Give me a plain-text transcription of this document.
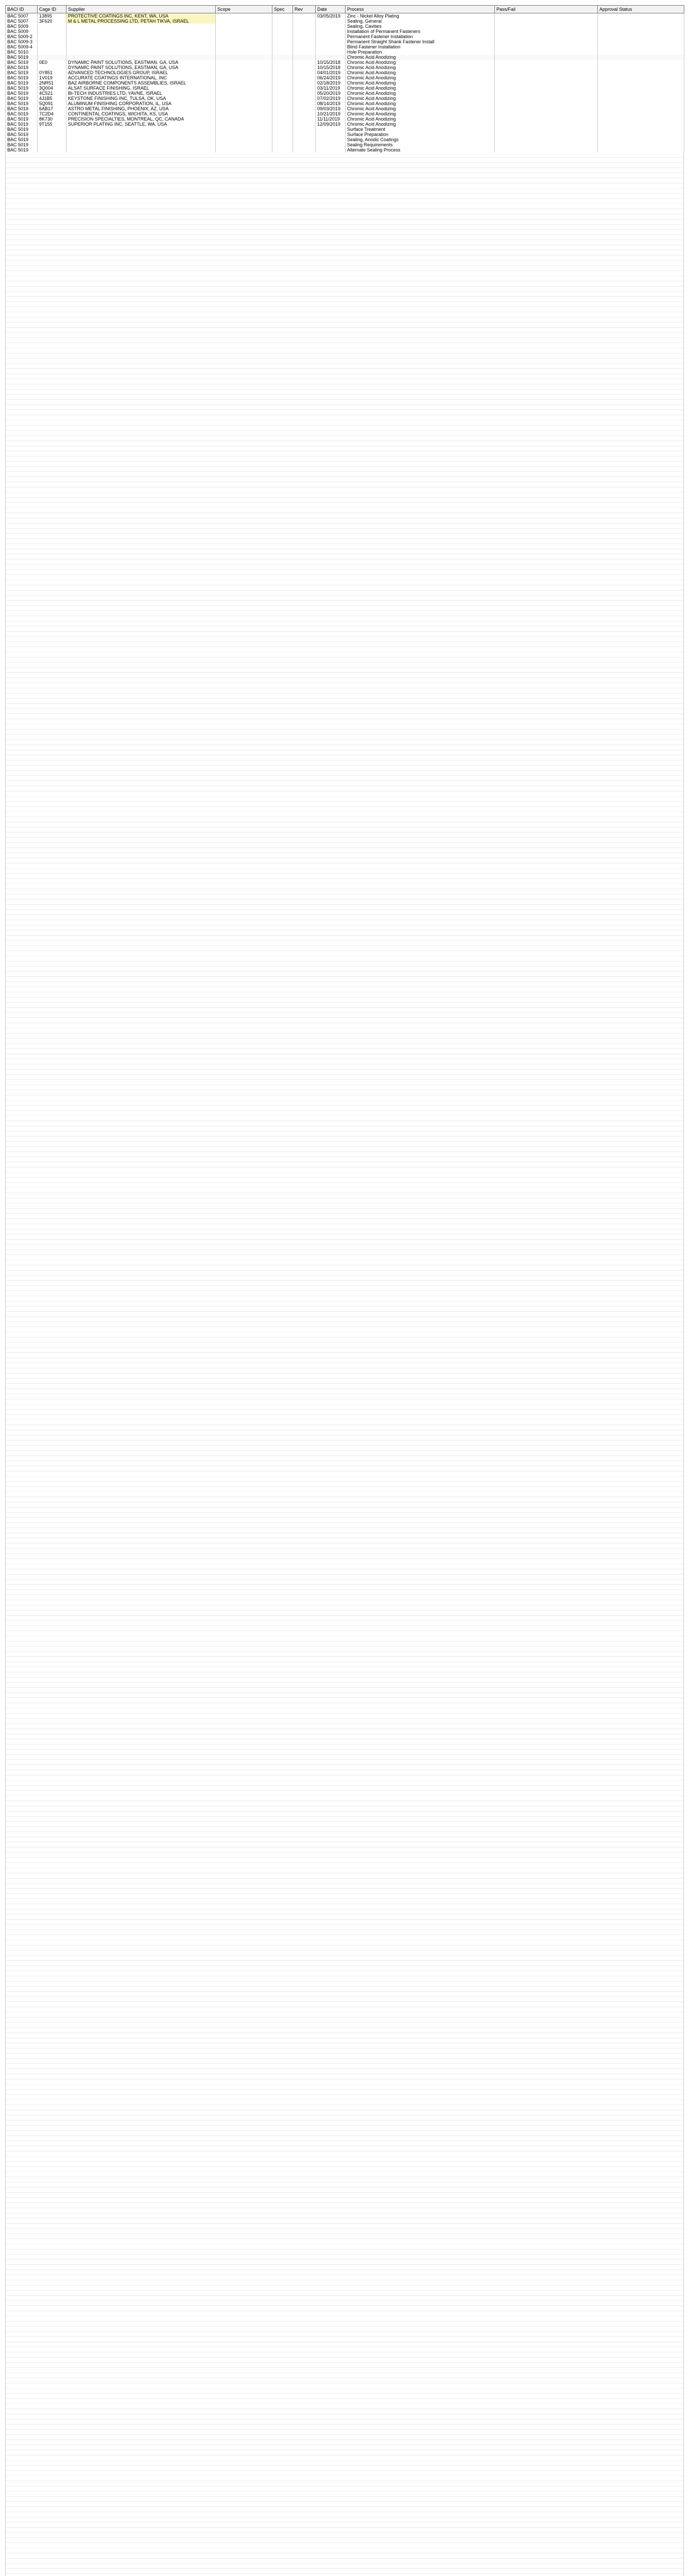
BACI ID	Cage ID	Supplier	Scope	Spec	Rev	Date	Process	Pass/Fail	Approval Status
BAC 5007	13895	PROTECTIVE COATINGS INC, KENT, WA, USA				03/05/2019	Zinc - Nickel Alloy Plating		
BAC 5007	3F620	M & L METAL PROCESSING LTD, PETAH TIKVA, ISRAEL					Sealing, General		
BAC 5009							Sealing, Cavities		
BAC 5009							Installation of Permanent Fasteners		
BAC 5009-2							Permanent Fastener Installation		
BAC 5009-3							Permanent Straight Shank Fastener Install		
BAC 5009-4							Blind Fastener Installation		
BAC 5010							Hole Preparation		
BAC 5019							Chromic Acid Anodizing		
BAC 5019	0E0	DYNAMIC PAINT SOLUTIONS, EASTMAN, GA, USA				10/15/2018	Chromic Acid Anodizing		
BAC 5019		DYNAMIC PAINT SOLUTIONS, EASTMAN, GA, USA				10/15/2018	Chromic Acid Anodizing		
BAC 5019	0Y851	ADVANCED TECHNOLOGIES GROUP, ISRAEL				04/01/2019	Chromic Acid Anodizing		
BAC 5019	1V019	ACCURATE COATINGS INTERNATIONAL, INC				06/24/2019	Chromic Acid Anodizing		
BAC 5019	2NR51	BAZ AIRBORNE COMPONENTS ASSEMBLIES, ISRAEL				02/18/2019	Chromic Acid Anodizing		
BAC 5019	3Q004	ALSAT SURFACE FINISHING, ISRAEL				03/11/2019	Chromic Acid Anodizing		
BAC 5019	4C521	BI-TECH INDUSTRIES LTD, YAVNE, ISRAEL				05/20/2019	Chromic Acid Anodizing		
BAC 5019	4J1B5	KEYSTONE FINISHING INC, TULSA, OK, USA				07/02/2019	Chromic Acid Anodizing		
BAC 5019	5Q091	ALUMINUM FINISHING CORPORATION, IL, USA				08/14/2019	Chromic Acid Anodizing		
BAC 5019	6AB17	ASTRO METAL FINISHING, PHOENIX, AZ, USA				09/03/2019	Chromic Acid Anodizing		
BAC 5019	7C2D4	CONTINENTAL COATINGS, WICHITA, KS, USA				10/21/2019	Chromic Acid Anodizing		
BAC 5019	8K730	PRECISION SPECIALTIES, MONTREAL, QC, CANADA				11/11/2019	Chromic Acid Anodizing		
BAC 5019	9T155	SUPERIOR PLATING INC, SEATTLE, WA, USA				12/09/2019	Chromic Acid Anodizing		
BAC 5019							Surface Treatment		
BAC 5019							Surface Preparation		
BAC 5019							Sealing, Anodic Coatings		
BAC 5019							Sealing Requirements		
BAC 5019							Alternate Sealing Process		
